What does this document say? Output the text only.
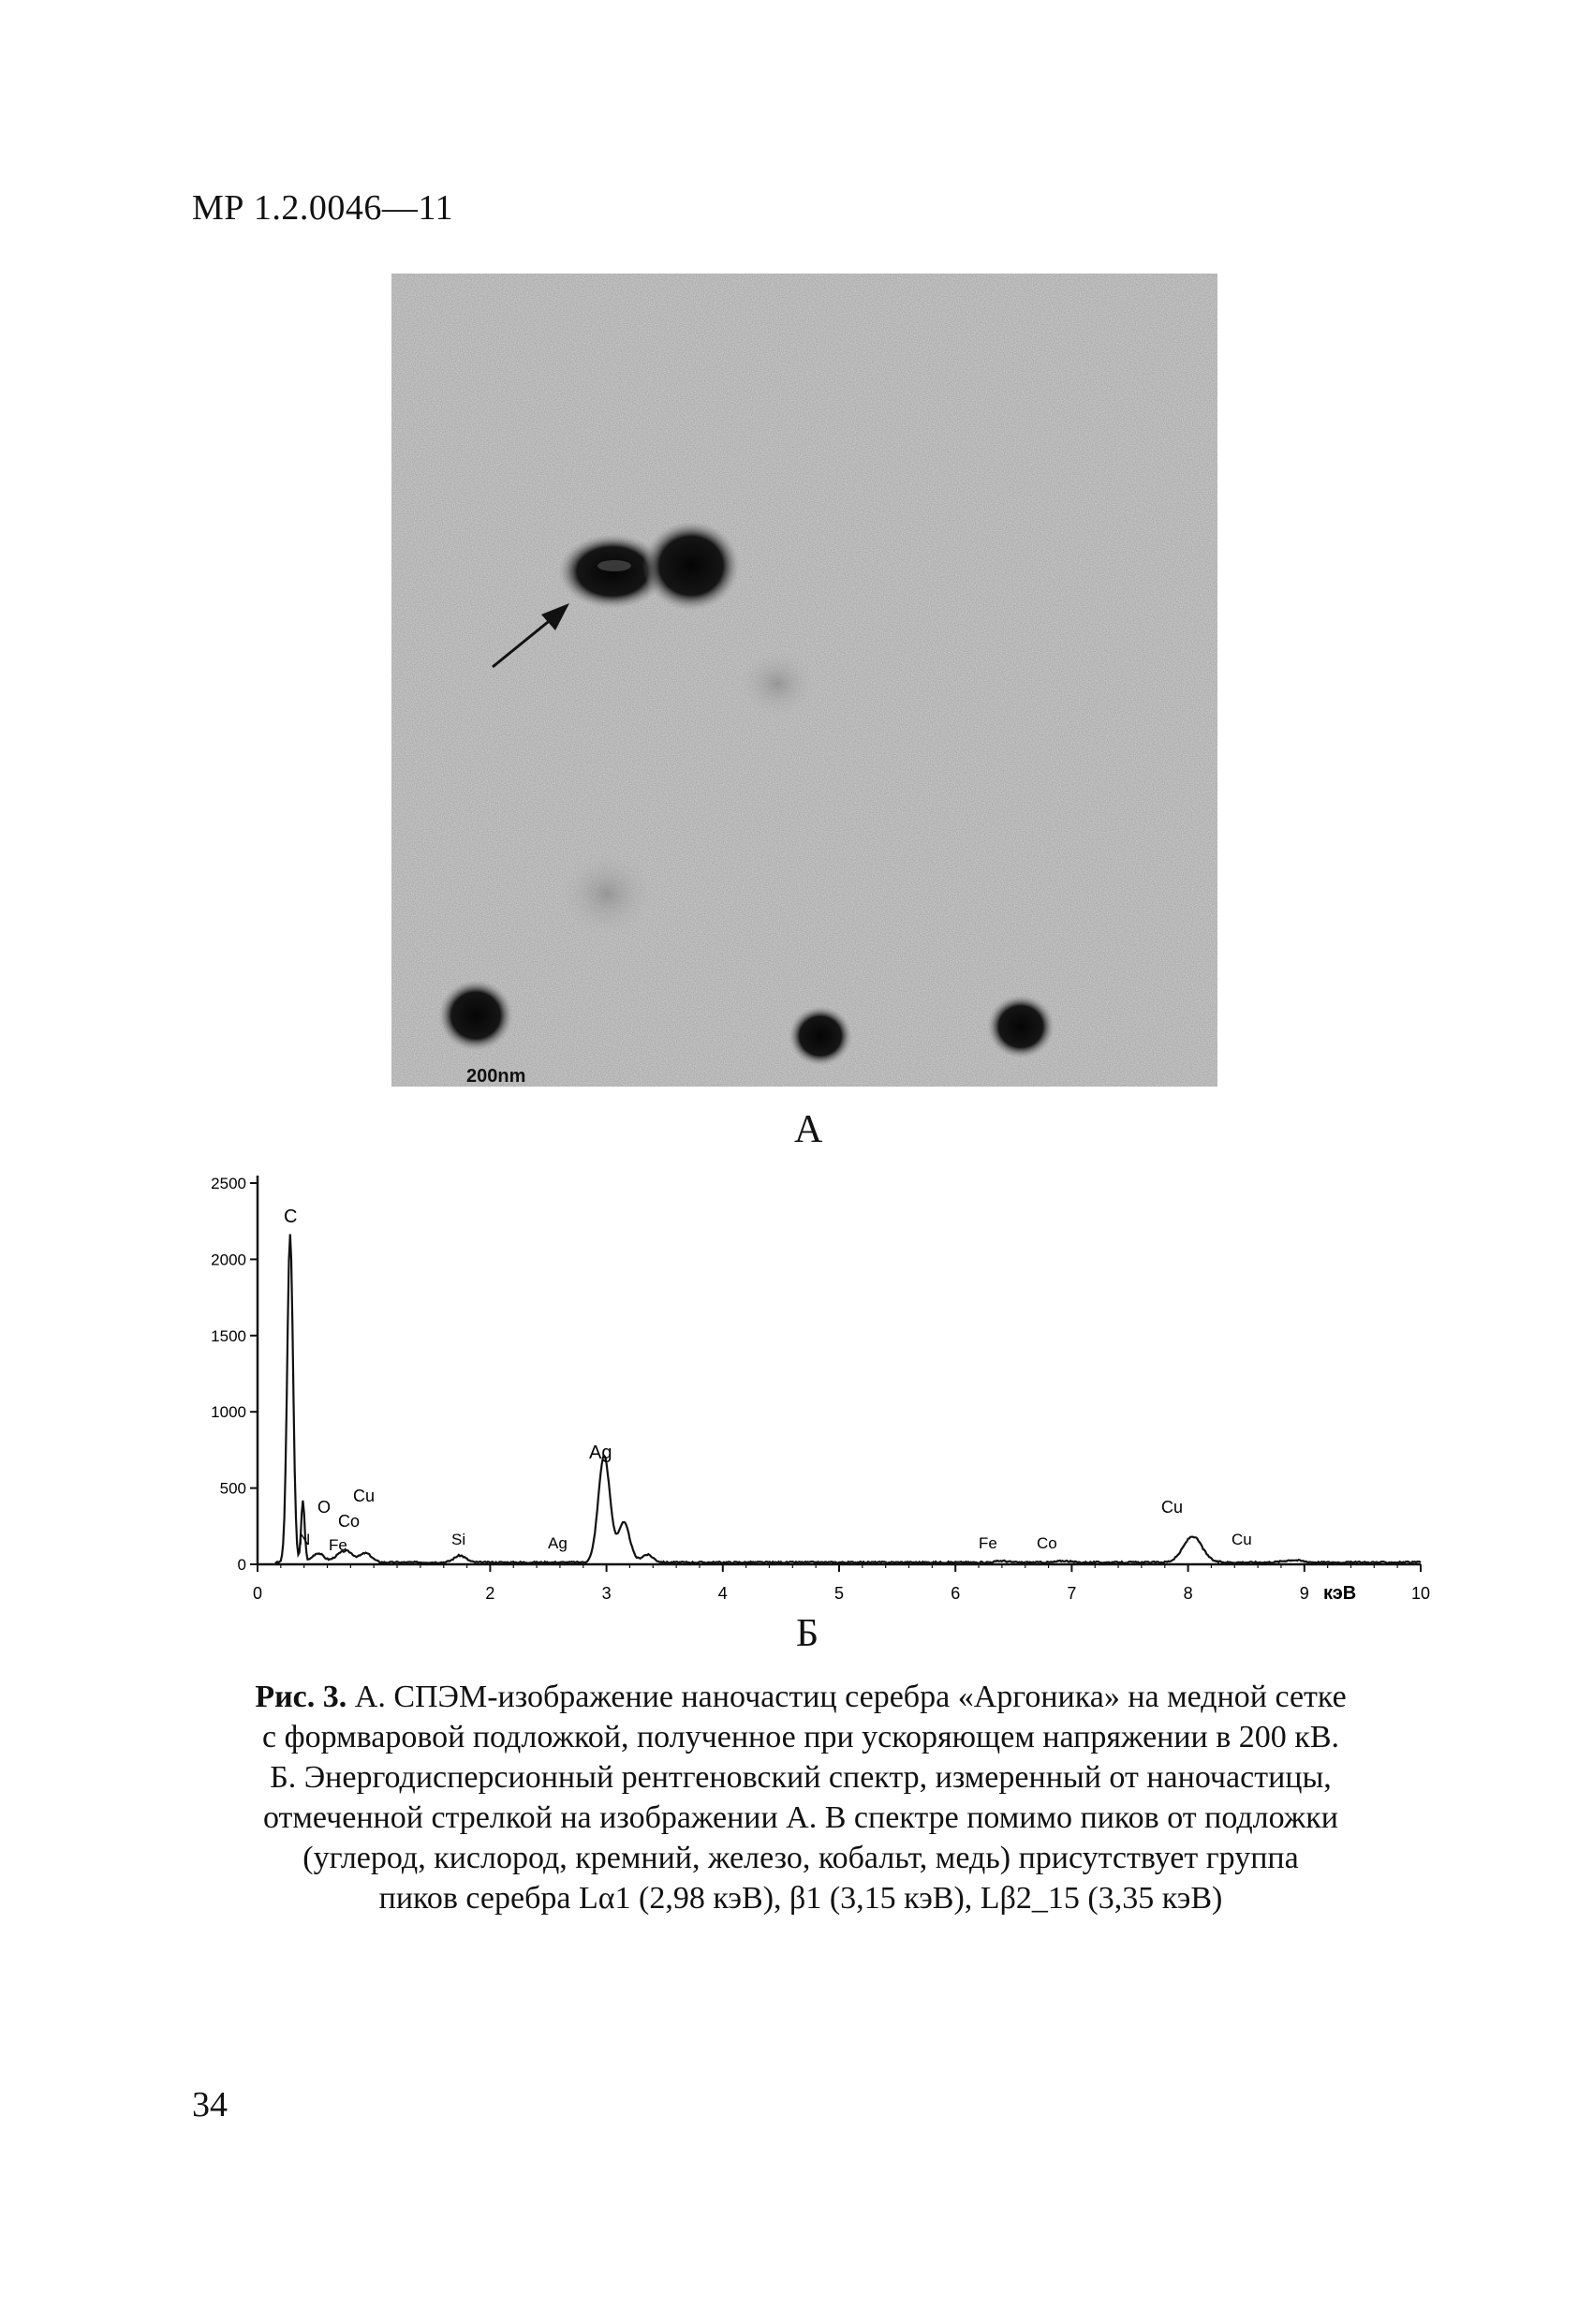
МР 1.2.0046—11
200nm
А
0
500
1000
1500
2000
2500
0	2	3	4	5	6	7	8	9	10
C
O
Cu
Co
N Fe	Si	Ag
Ag
Fe Co
Cu
Cu
кэВ
Б
Рис. 3. А. СПЭМ-изображение наночастиц серебра «Аргоника» на медной сетке
с формваровой подложкой, полученное при ускоряющем напряжении в 200 кВ.
Б. Энергодисперсионный рентгеновский спектр, измеренный от наночастицы,
отмеченной стрелкой на изображении А. В спектре помимо пиков от подложки
(углерод, кислород, кремний, железо, кобальт, медь) присутствует группа
пиков серебра Lα1 (2,98 кэВ), β1 (3,15 кэВ), Lβ2_15 (3,35 кэВ)
34
